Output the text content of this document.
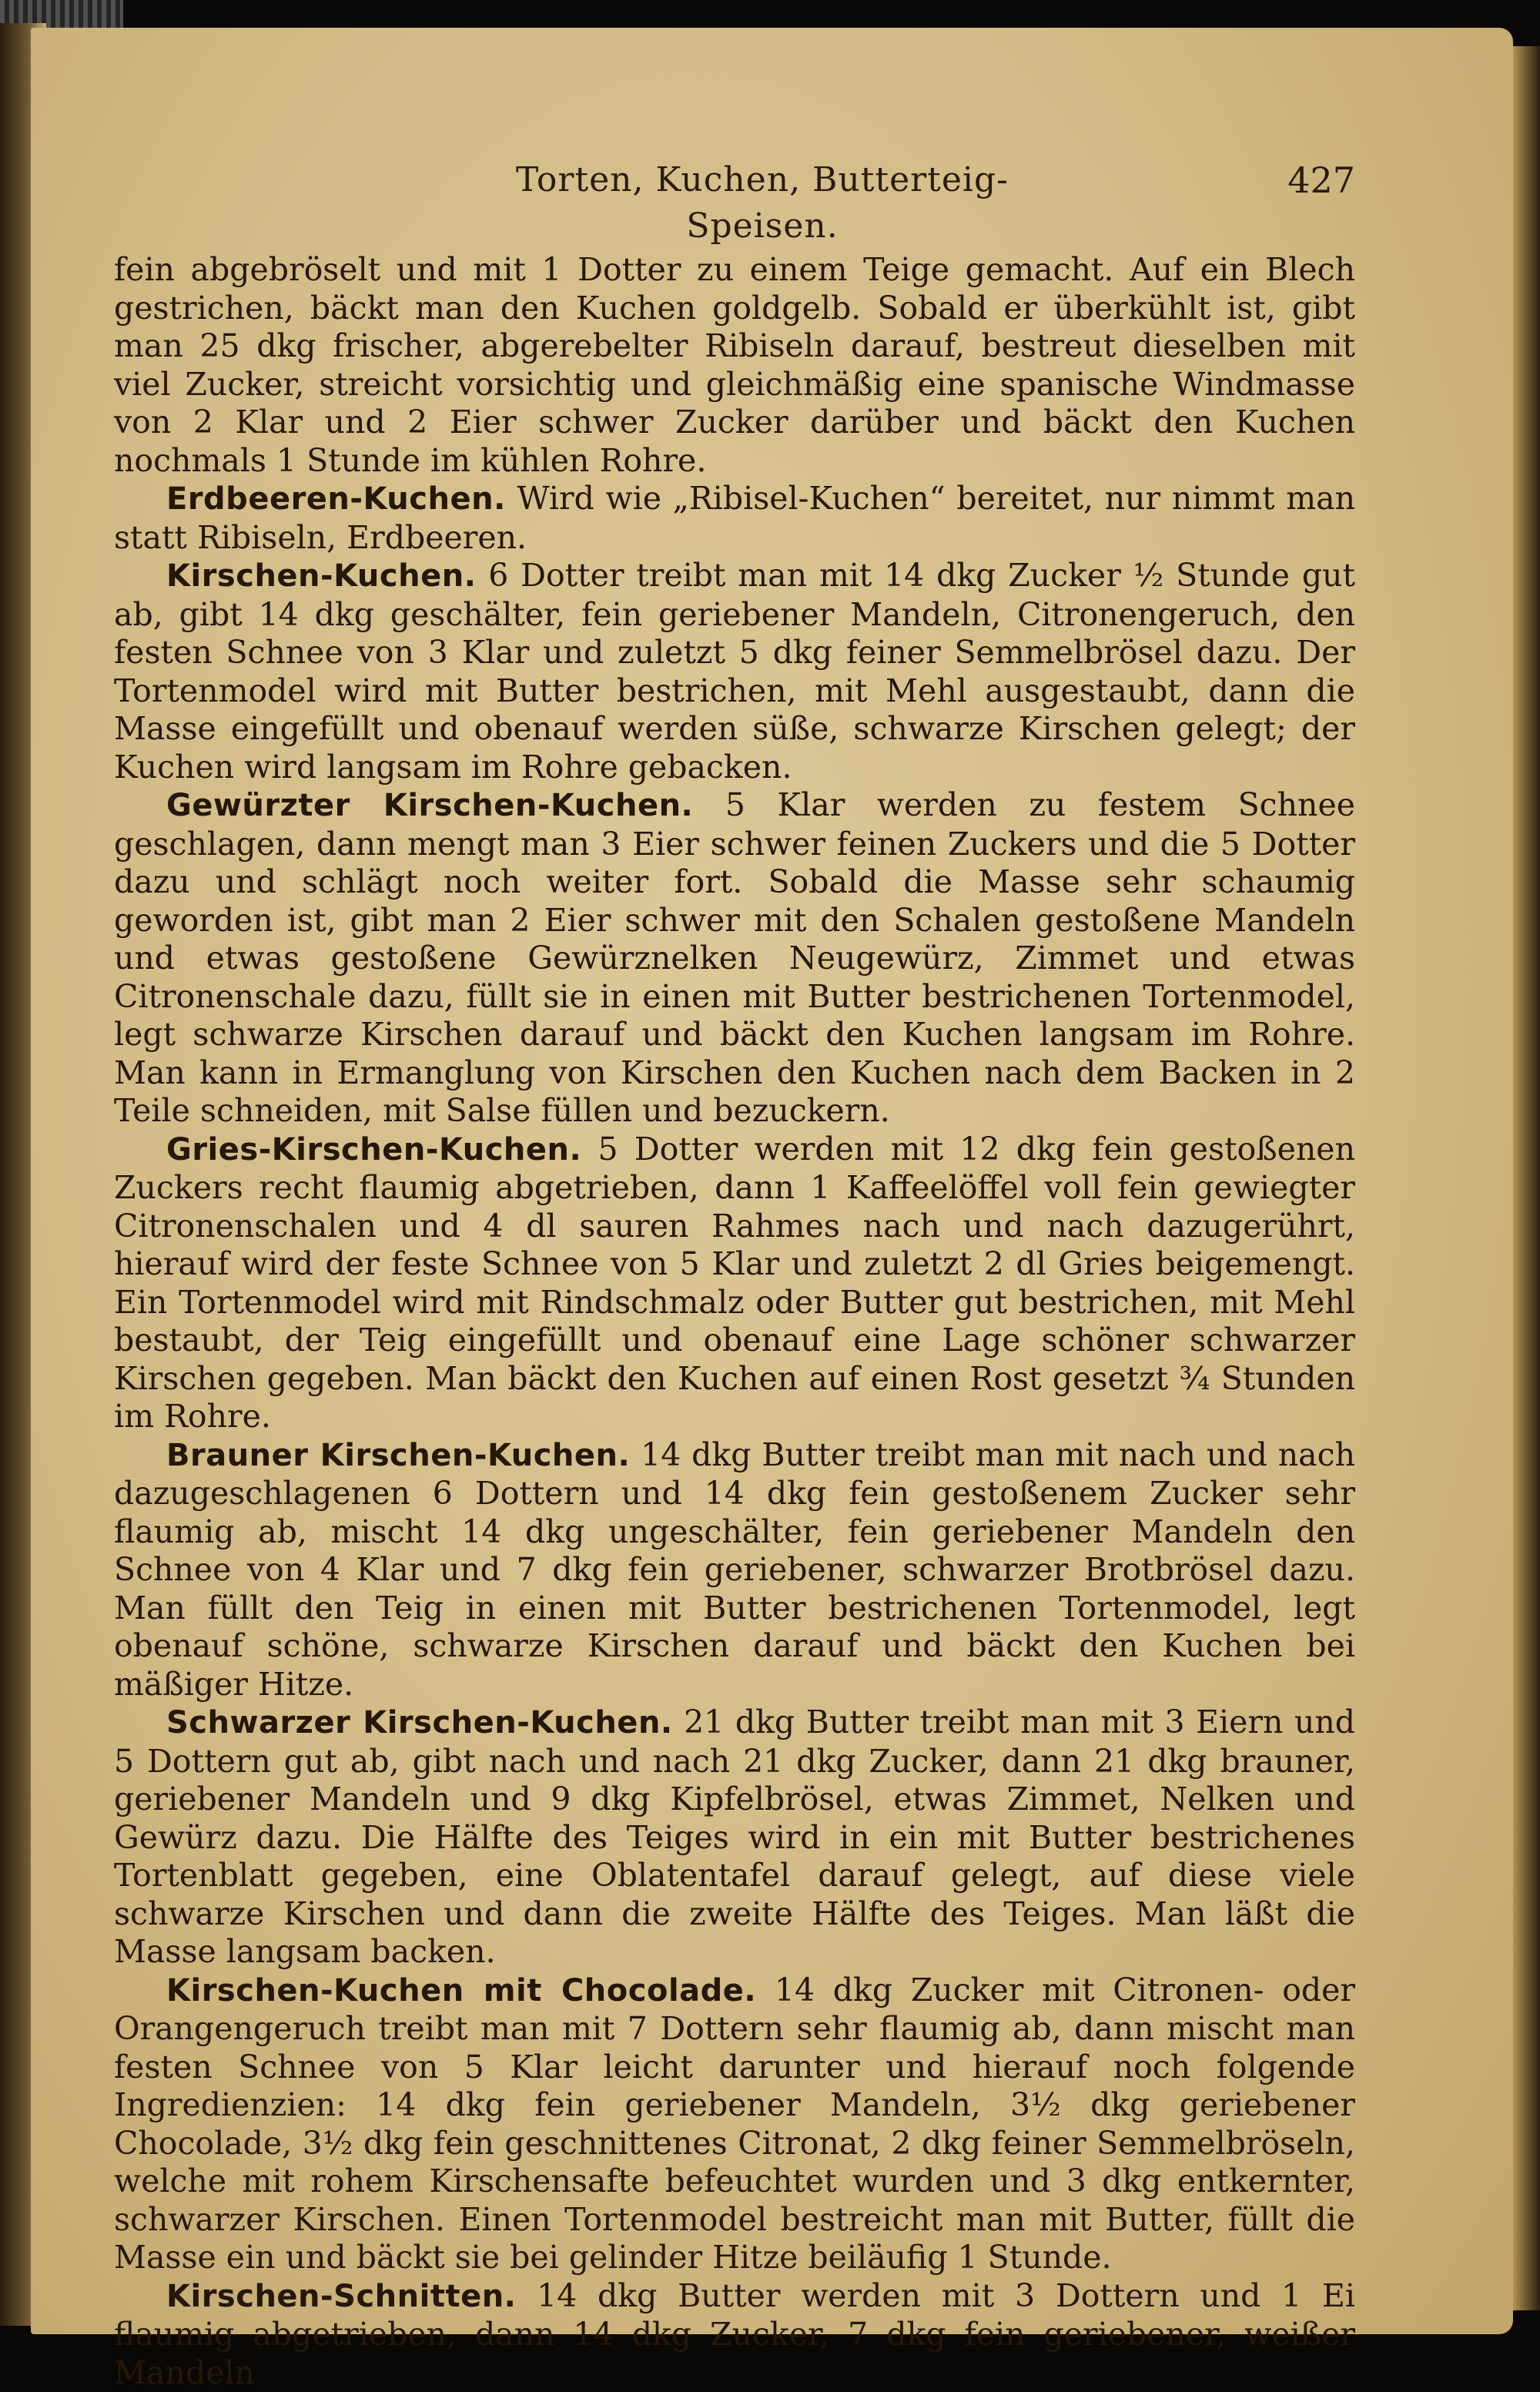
Torten, Kuchen, Butterteig-Speisen.
427

fein abgebröselt und mit 1 Dotter zu einem Teige gemacht. Auf ein Blech gestrichen, bäckt man den Kuchen goldgelb. Sobald er überkühlt ist, gibt man 25 dkg frischer, abgerebelter Ribiseln darauf, bestreut dieselben mit viel Zucker, streicht vorsichtig und gleichmäßig eine spanische Windmasse von 2 Klar und 2 Eier schwer Zucker darüber und bäckt den Kuchen nochmals 1 Stunde im kühlen Rohre.

Erdbeeren-Kuchen. Wird wie „Ribisel-Kuchen“ bereitet, nur nimmt man statt Ribiseln, Erdbeeren.

Kirschen-Kuchen. 6 Dotter treibt man mit 14 dkg Zucker ½ Stunde gut ab, gibt 14 dkg geschälter, fein geriebener Mandeln, Citronengeruch, den festen Schnee von 3 Klar und zuletzt 5 dkg feiner Semmelbrösel dazu. Der Tortenmodel wird mit Butter bestrichen, mit Mehl ausgestaubt, dann die Masse eingefüllt und obenauf werden süße, schwarze Kirschen gelegt; der Kuchen wird langsam im Rohre gebacken.

Gewürzter Kirschen-Kuchen. 5 Klar werden zu festem Schnee geschlagen, dann mengt man 3 Eier schwer feinen Zuckers und die 5 Dotter dazu und schlägt noch weiter fort. Sobald die Masse sehr schaumig geworden ist, gibt man 2 Eier schwer mit den Schalen gestoßene Mandeln und etwas gestoßene Gewürznelken Neugewürz, Zimmet und etwas Citronenschale dazu, füllt sie in einen mit Butter bestrichenen Tortenmodel, legt schwarze Kirschen darauf und bäckt den Kuchen langsam im Rohre. Man kann in Ermanglung von Kirschen den Kuchen nach dem Backen in 2 Teile schneiden, mit Salse füllen und bezuckern.

Gries-Kirschen-Kuchen. 5 Dotter werden mit 12 dkg fein gestoßenen Zuckers recht flaumig abgetrieben, dann 1 Kaffeelöffel voll fein gewiegter Citronenschalen und 4 dl sauren Rahmes nach und nach dazugerührt, hierauf wird der feste Schnee von 5 Klar und zuletzt 2 dl Gries beigemengt. Ein Tortenmodel wird mit Rindschmalz oder Butter gut bestrichen, mit Mehl bestaubt, der Teig eingefüllt und obenauf eine Lage schöner schwarzer Kirschen gegeben. Man bäckt den Kuchen auf einen Rost gesetzt ¾ Stunden im Rohre.

Brauner Kirschen-Kuchen. 14 dkg Butter treibt man mit nach und nach dazugeschlagenen 6 Dottern und 14 dkg fein gestoßenem Zucker sehr flaumig ab, mischt 14 dkg ungeschälter, fein geriebener Mandeln den Schnee von 4 Klar und 7 dkg fein geriebener, schwarzer Brotbrösel dazu. Man füllt den Teig in einen mit Butter bestrichenen Tortenmodel, legt obenauf schöne, schwarze Kirschen darauf und bäckt den Kuchen bei mäßiger Hitze.

Schwarzer Kirschen-Kuchen. 21 dkg Butter treibt man mit 3 Eiern und 5 Dottern gut ab, gibt nach und nach 21 dkg Zucker, dann 21 dkg brauner, geriebener Mandeln und 9 dkg Kipfelbrösel, etwas Zimmet, Nelken und Gewürz dazu. Die Hälfte des Teiges wird in ein mit Butter bestrichenes Tortenblatt gegeben, eine Oblatentafel darauf gelegt, auf diese viele schwarze Kirschen und dann die zweite Hälfte des Teiges. Man läßt die Masse langsam backen.

Kirschen-Kuchen mit Chocolade. 14 dkg Zucker mit Citronen- oder Orangengeruch treibt man mit 7 Dottern sehr flaumig ab, dann mischt man festen Schnee von 5 Klar leicht darunter und hierauf noch folgende Ingredienzien: 14 dkg fein geriebener Mandeln, 3½ dkg geriebener Chocolade, 3½ dkg fein geschnittenes Citronat, 2 dkg feiner Semmelbröseln, welche mit rohem Kirschensafte befeuchtet wurden und 3 dkg entkernter, schwarzer Kirschen. Einen Tortenmodel bestreicht man mit Butter, füllt die Masse ein und bäckt sie bei gelinder Hitze beiläufig 1 Stunde.

Kirschen-Schnitten. 14 dkg Butter werden mit 3 Dottern und 1 Ei flaumig abgetrieben, dann 14 dkg Zucker, 7 dkg fein geriebener, weißer Mandeln
